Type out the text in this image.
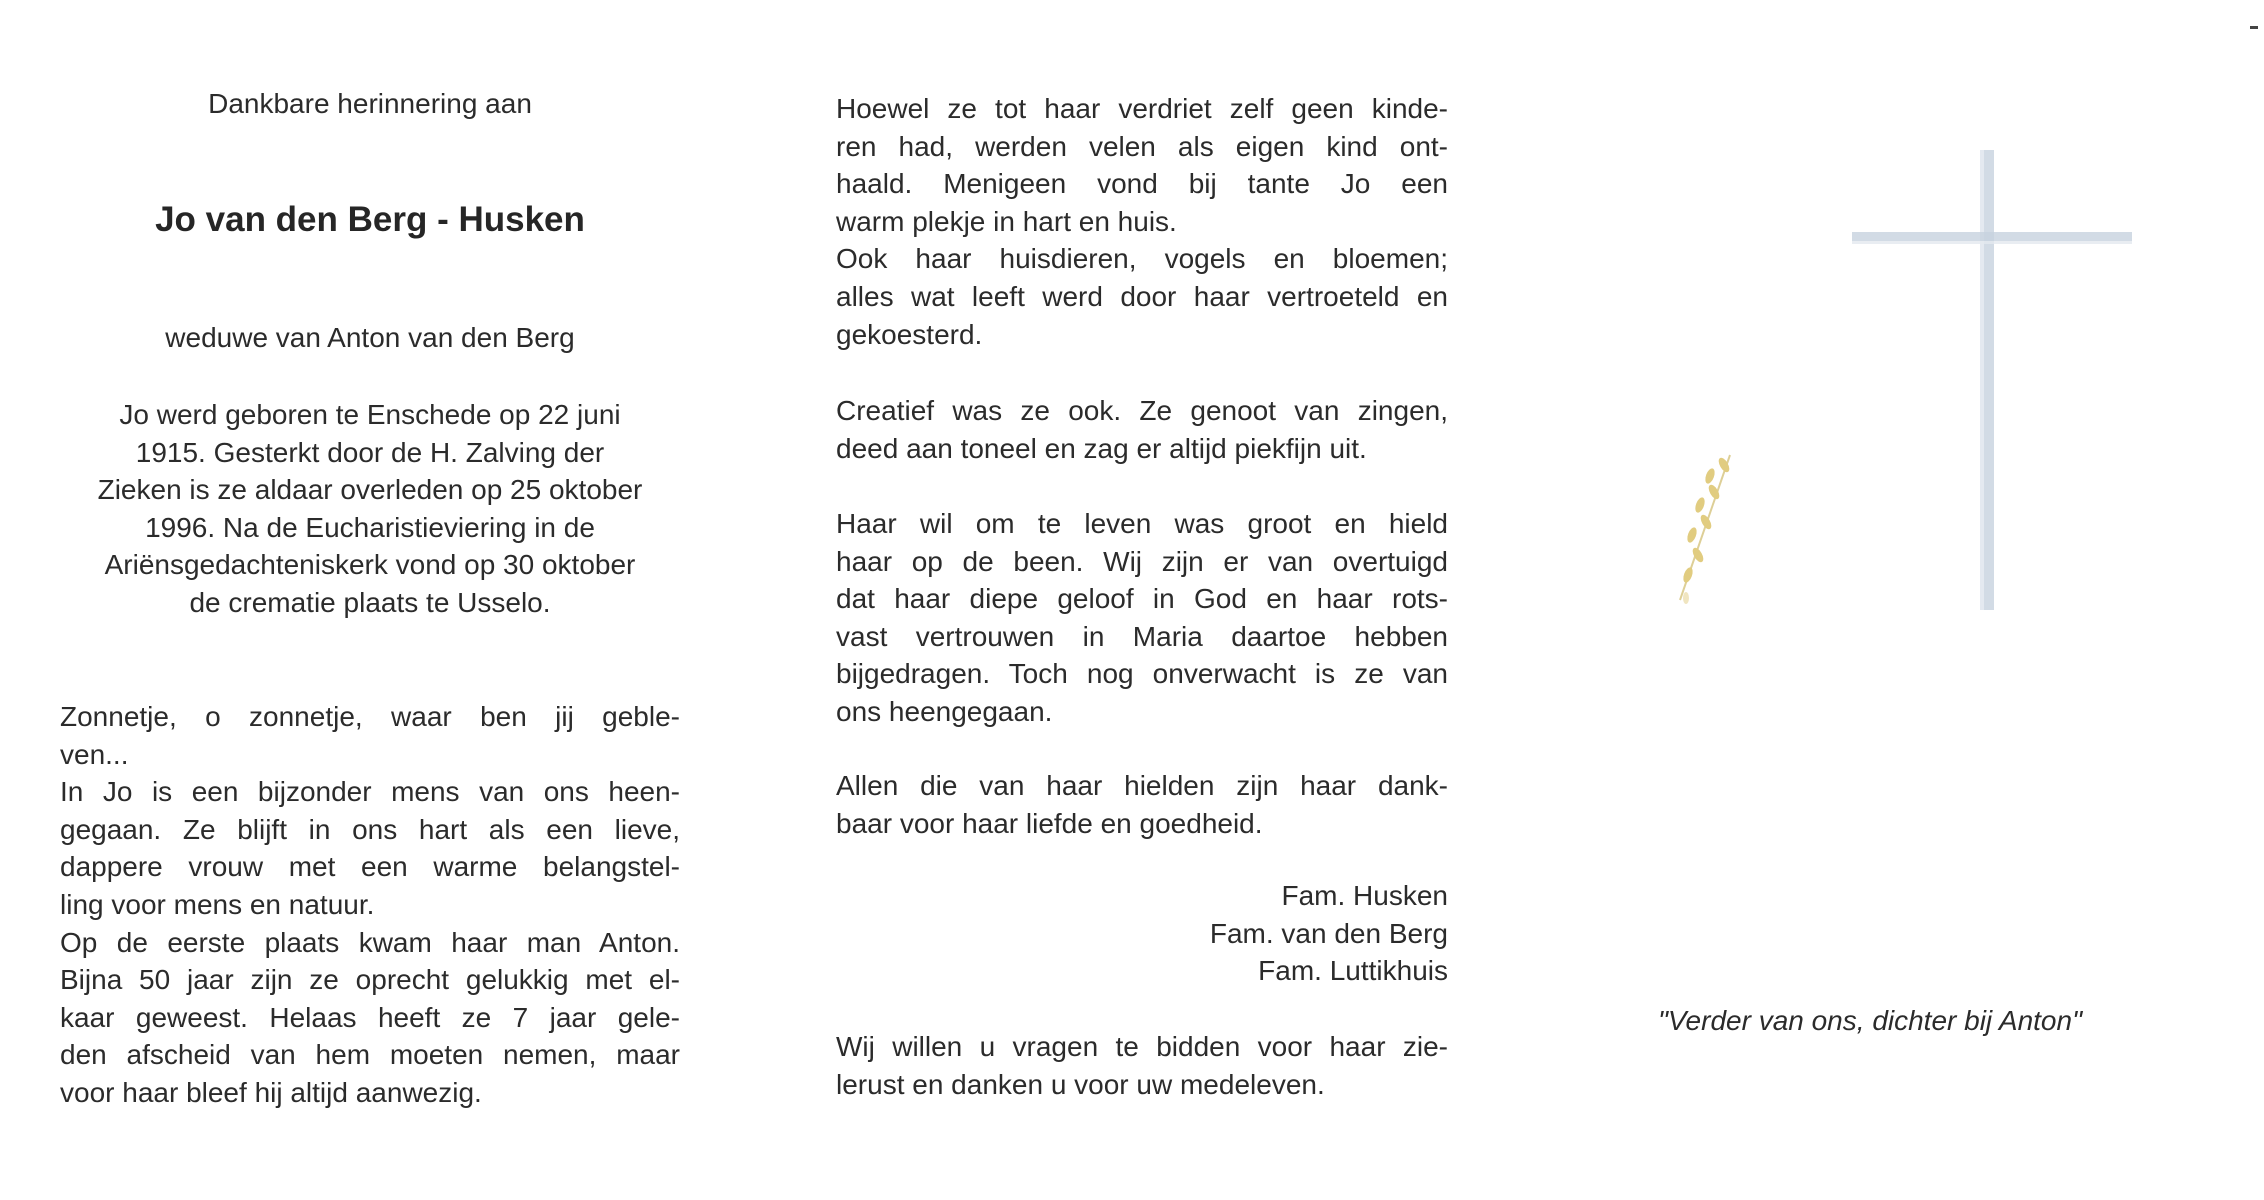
Dankbare herinnering aan
Jo van den Berg - Husken
weduwe van Anton van den Berg
Jo werd geboren te Enschede op 22 juni
1915. Gesterkt door de H. Zalving der
Zieken is ze aldaar overleden op 25 oktober
1996. Na de Eucharistieviering in de
Ariënsgedachteniskerk vond op 30 oktober
de crematie plaats te Usselo.
Zonnetje, o zonnetje, waar ben jij geble-
ven...
In Jo is een bijzonder mens van ons heen-
gegaan. Ze blijft in ons hart als een lieve,
dappere vrouw met een warme belangstel-
ling voor mens en natuur.
Op de eerste plaats kwam haar man Anton.
Bijna 50 jaar zijn ze oprecht gelukkig met el-
kaar geweest. Helaas heeft ze 7 jaar gele-
den afscheid van hem moeten nemen, maar
voor haar bleef hij altijd aanwezig.
Hoewel ze tot haar verdriet zelf geen kinde-
ren had, werden velen als eigen kind ont-
haald. Menigeen vond bij tante Jo een
warm plekje in hart en huis.
Ook haar huisdieren, vogels en bloemen;
alles wat leeft werd door haar vertroeteld en
gekoesterd.
Creatief was ze ook. Ze genoot van zingen,
deed aan toneel en zag er altijd piekfijn uit.
Haar wil om te leven was groot en hield
haar op de been. Wij zijn er van overtuigd
dat haar diepe geloof in God en haar rots-
vast vertrouwen in Maria daartoe hebben
bijgedragen. Toch nog onverwacht is ze van
ons heengegaan.
Allen die van haar hielden zijn haar dank-
baar voor haar liefde en goedheid.
Fam. Husken
Fam. van den Berg
Fam. Luttikhuis
Wij willen u vragen te bidden voor haar zie-
lerust en danken u voor uw medeleven.
"Verder van ons, dichter bij Anton"
